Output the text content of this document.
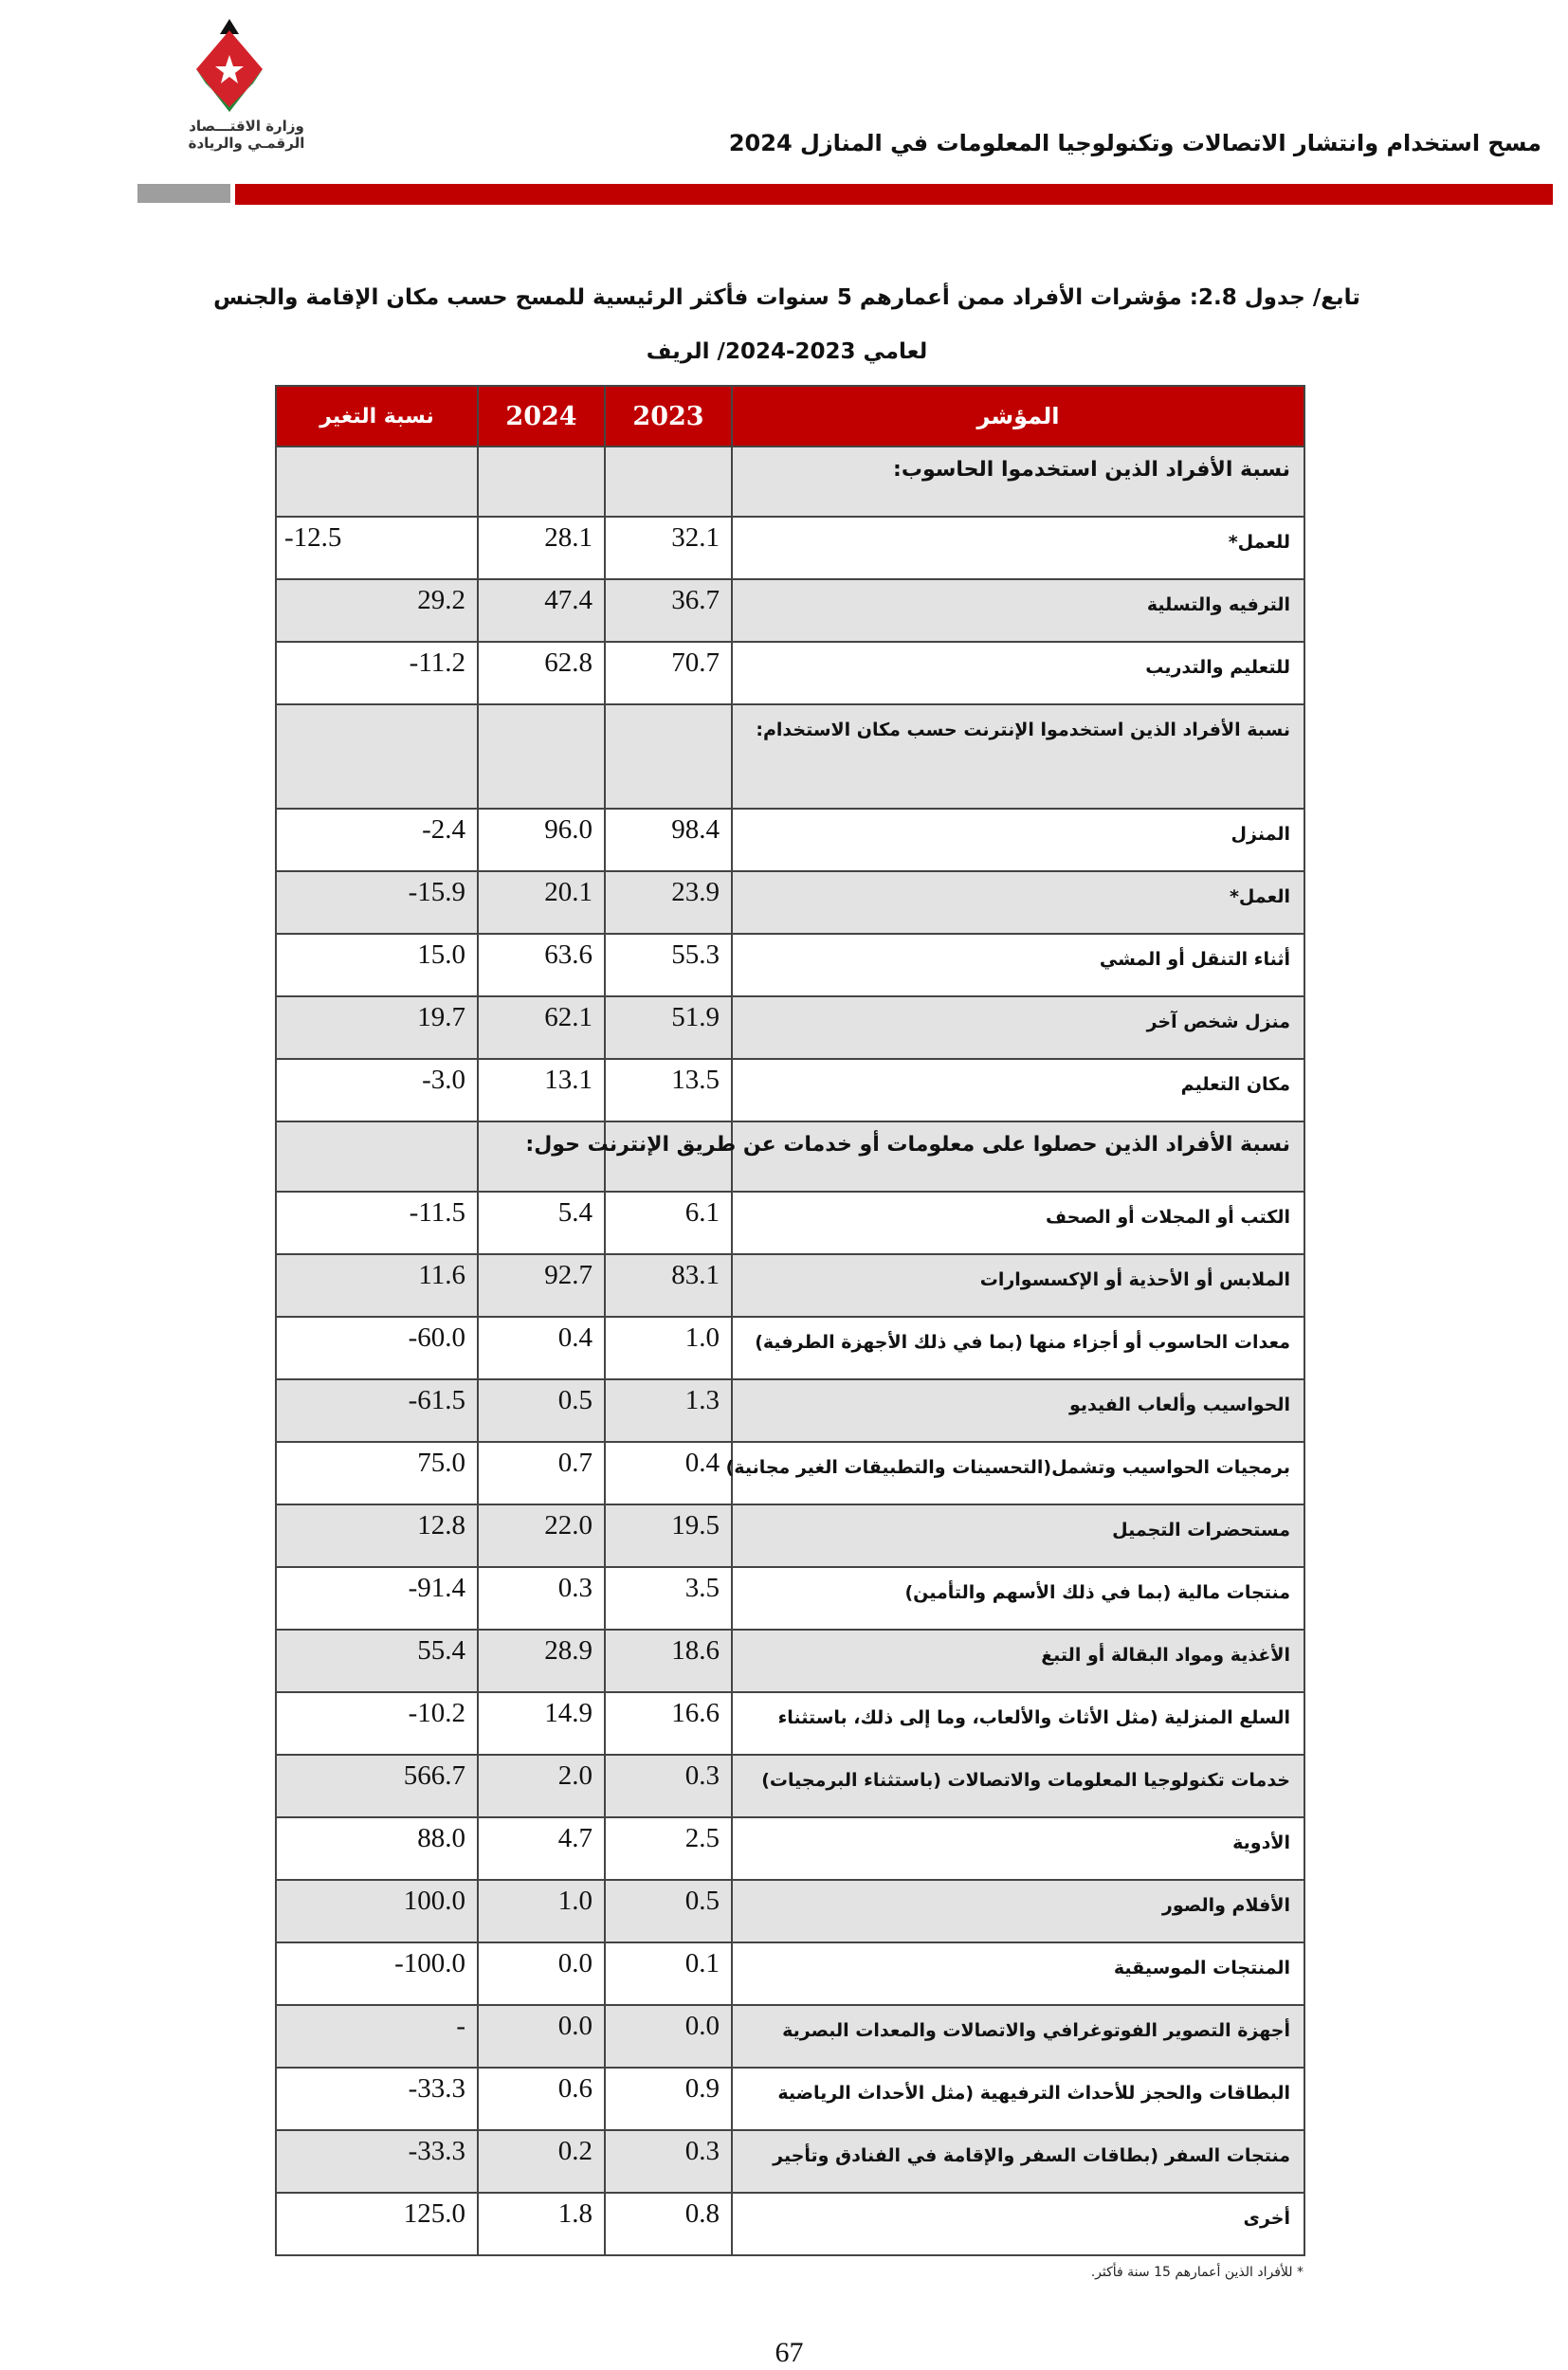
وزارة الاقتـــصاد
الرقمـي والريادة	مسح استخدام وانتشار الاتصالات وتكنولوجيا المعلومات في المنازل 2024
تابع/ جدول 2.8: مؤشرات الأفراد ممن أعمارهم 5 سنوات فأكثر الرئيسية للمسح حسب مكان الإقامة والجنس
لعامي 2023-2024/ الريف
المؤشر	2023	2024	نسبة التغير
نسبة الأفراد الذين استخدموا الحاسوب:			
للعمل*	32.1	28.1	-12.5
الترفيه والتسلية	36.7	47.4	29.2
للتعليم والتدريب	70.7	62.8	-11.2
نسبة الأفراد الذين استخدموا الإنترنت حسب مكان الاستخدام:			
المنزل	98.4	96.0	-2.4
العمل*	23.9	20.1	-15.9
أثناء التنقل أو المشي	55.3	63.6	15.0
منزل شخص آخر	51.9	62.1	19.7
مكان التعليم	13.5	13.1	-3.0
نسبة الأفراد الذين حصلوا على معلومات أو خدمات عن طريق الإنترنت حول:			
الكتب أو المجلات أو الصحف	6.1	5.4	-11.5
الملابس أو الأحذية أو الإكسسوارات	83.1	92.7	11.6
معدات الحاسوب أو أجزاء منها (بما في ذلك الأجهزة الطرفية)	1.0	0.4	-60.0
الحواسيب وألعاب الفيديو	1.3	0.5	-61.5
برمجيات الحواسيب وتشمل(التحسينات والتطبيقات الغير مجانية)	0.4	0.7	75.0
مستحضرات التجميل	19.5	22.0	12.8
منتجات مالية (بما في ذلك الأسهم والتأمين)	3.5	0.3	-91.4
الأغذية ومواد البقالة أو التبغ	18.6	28.9	55.4
السلع المنزلية (مثل الأثاث والألعاب، وما إلى ذلك، باستثناء	16.6	14.9	-10.2
خدمات تكنولوجيا المعلومات والاتصالات (باستثناء البرمجيات)	0.3	2.0	566.7
الأدوية	2.5	4.7	88.0
الأفلام والصور	0.5	1.0	100.0
المنتجات الموسيقية	0.1	0.0	-100.0
أجهزة التصوير الفوتوغرافي والاتصالات والمعدات البصرية	0.0	0.0	-
البطاقات والحجز للأحداث الترفيهية (مثل الأحداث الرياضية	0.9	0.6	-33.3
منتجات السفر (بطاقات السفر والإقامة في الفنادق وتأجير	0.3	0.2	-33.3
أخرى	0.8	1.8	125.0
* للأفراد الذين أعمارهم 15 سنة فأكثر.
67
